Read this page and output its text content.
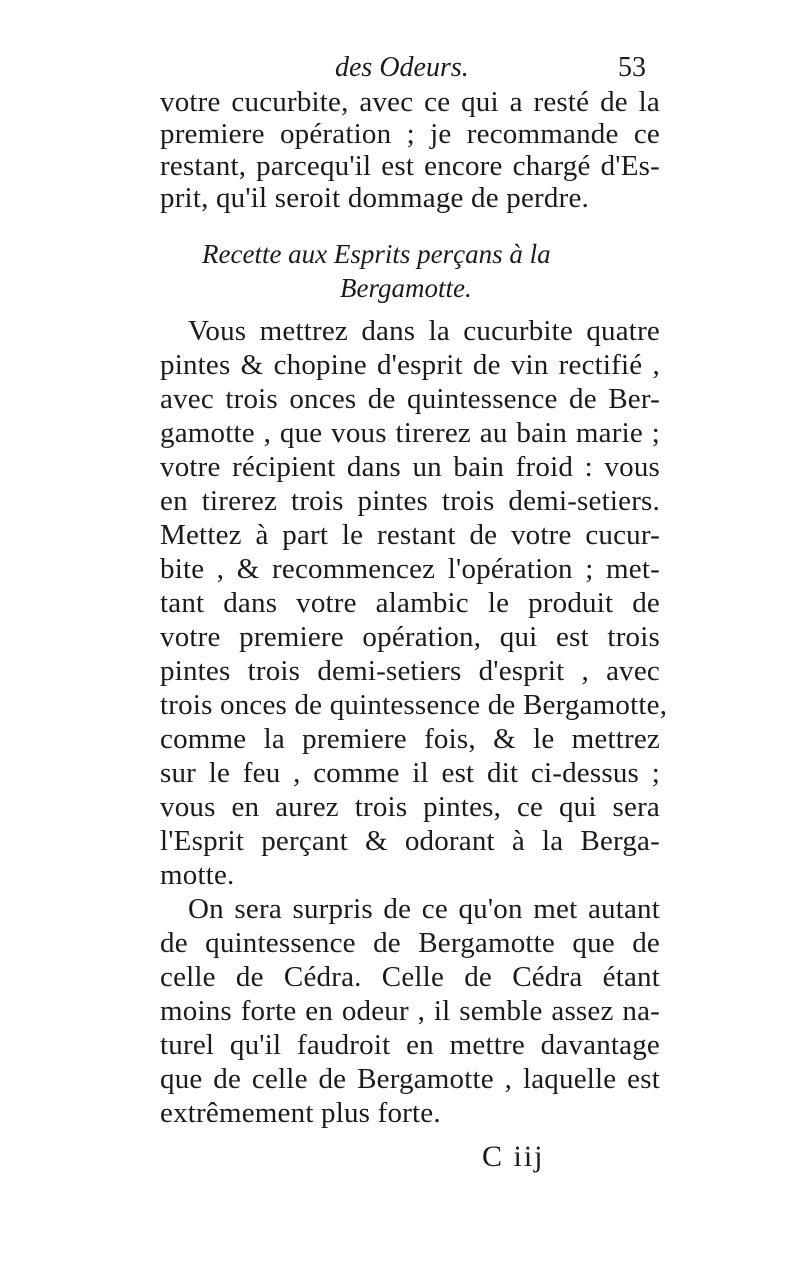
des Odeurs.	53
votre cucurbite, avec ce qui a resté de la
premiere opération ; je recommande ce
restant, parcequ'il est encore chargé d'Es-
prit, qu'il seroit dommage de perdre.
Recette aux Esprits perçans à la
Bergamotte.
Vous mettrez dans la cucurbite quatre
pintes & chopine d'esprit de vin rectifié ,
avec trois onces de quintessence de Ber-
gamotte , que vous tirerez au bain marie ;
votre récipient dans un bain froid : vous
en tirerez trois pintes trois demi-setiers.
Mettez à part le restant de votre cucur-
bite , & recommencez l'opération ; met-
tant dans votre alambic le produit de
votre premiere opération, qui est trois
pintes trois demi-setiers d'esprit , avec
trois onces de quintessence de Bergamotte,
comme la premiere fois, & le mettrez
sur le feu , comme il est dit ci-dessus ;
vous en aurez trois pintes, ce qui sera
l'Esprit perçant & odorant à la Berga-
motte.
On sera surpris de ce qu'on met autant
de quintessence de Bergamotte que de
celle de Cédra. Celle de Cédra étant
moins forte en odeur , il semble assez na-
turel qu'il faudroit en mettre davantage
que de celle de Bergamotte , laquelle est
extrêmement plus forte.
C iij
